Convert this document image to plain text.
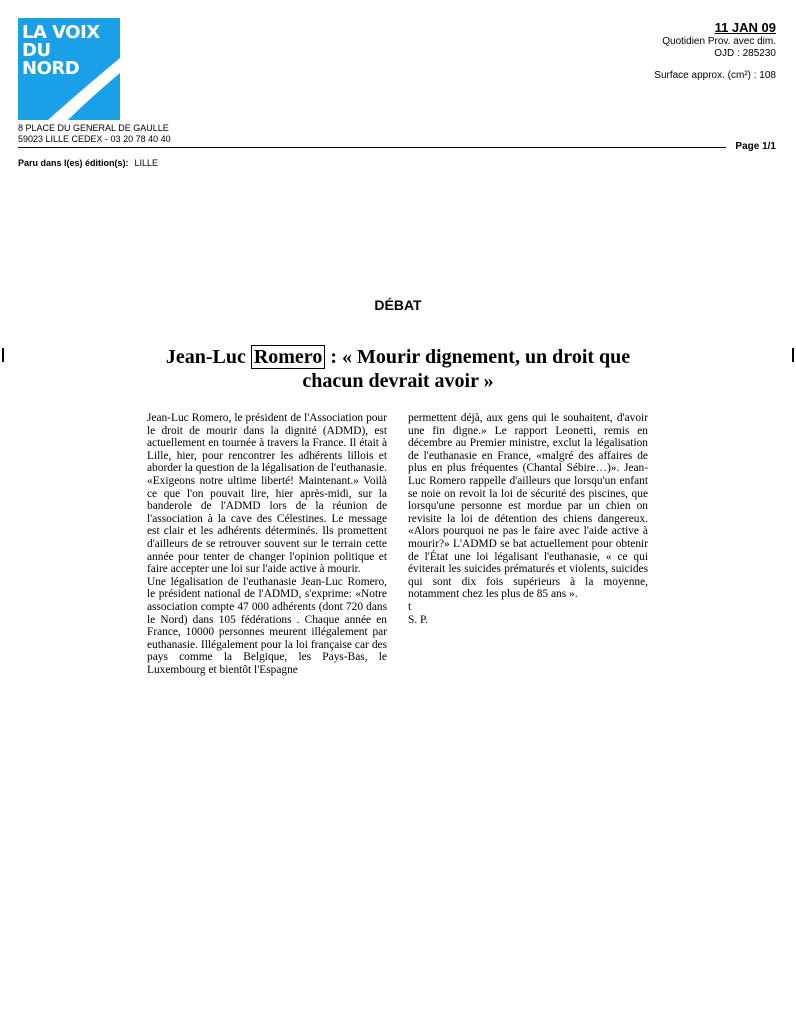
LA VOIX
DU
NORD
8 PLACE DU GENERAL DE GAULLE
59023 LILLE CEDEX - 03 20 78 40 40
11 JAN 09
Quotidien Prov. avec dim.
OJD : 285230
Surface approx. (cm²) : 108
Page 1/1
Paru dans l(es) édition(s): LILLE
DÉBAT
Jean-Luc Romero : « Mourir dignement, un droit que chacun devrait avoir »

Jean-Luc Romero, le président de l'Association pour le droit de mourir dans la dignité (ADMD), est actuellement en tournée à travers la France. Il était à Lille, hier, pour rencontrer les adhérents lillois et aborder la question de la légalisation de l'euthanasie. «Exigeons notre ultime liberté! Maintenant.» Voilà ce que l'on pouvait lire, hier après-midi, sur la banderole de l'ADMD lors de la réunion de l'association à la cave des Célestines. Le message est clair et les adhérents déterminés. Ils promettent d'ailleurs de se retrouver souvent sur le terrain cette année pour tenter de changer l'opinion politique et faire accepter une loi sur l'aide active à mourir.

Une légalisation de l'euthanasie Jean-Luc Romero, le président national de l'ADMD, s'exprime: «Notre association compte 47 000 adhérents (dont 720 dans le Nord) dans 105 fédérations . Chaque année en France, 10000 personnes meurent illégalement par euthanasie. Illégalement pour la loi française car des pays comme la Belgique, les Pays-Bas, le Luxembourg et bientôt l'Espagne

permettent déjà, aux gens qui le souhaitent, d'avoir une fin digne.» Le rapport Leonetti, remis en décembre au Premier ministre, exclut la légalisation de l'euthanasie en France, «malgré des affaires de plus en plus fréquentes (Chantal Sébire…)». Jean-Luc Romero rappelle d'ailleurs que lorsqu'un enfant se noie on revoit la loi de sécurité des piscines, que lorsqu'une personne est mordue par un chien on revisite la loi de détention des chiens dangereux. «Alors pourquoi ne pas le faire avec l'aide active à mourir?» L'ADMD se bat actuellement pour obtenir de l'État une loi légalisant l'euthanasie, « ce qui éviterait les suicides prématurés et violents, suicides qui sont dix fois supérieurs à la moyenne, notamment chez les plus de 85 ans ».

t

S. P.
